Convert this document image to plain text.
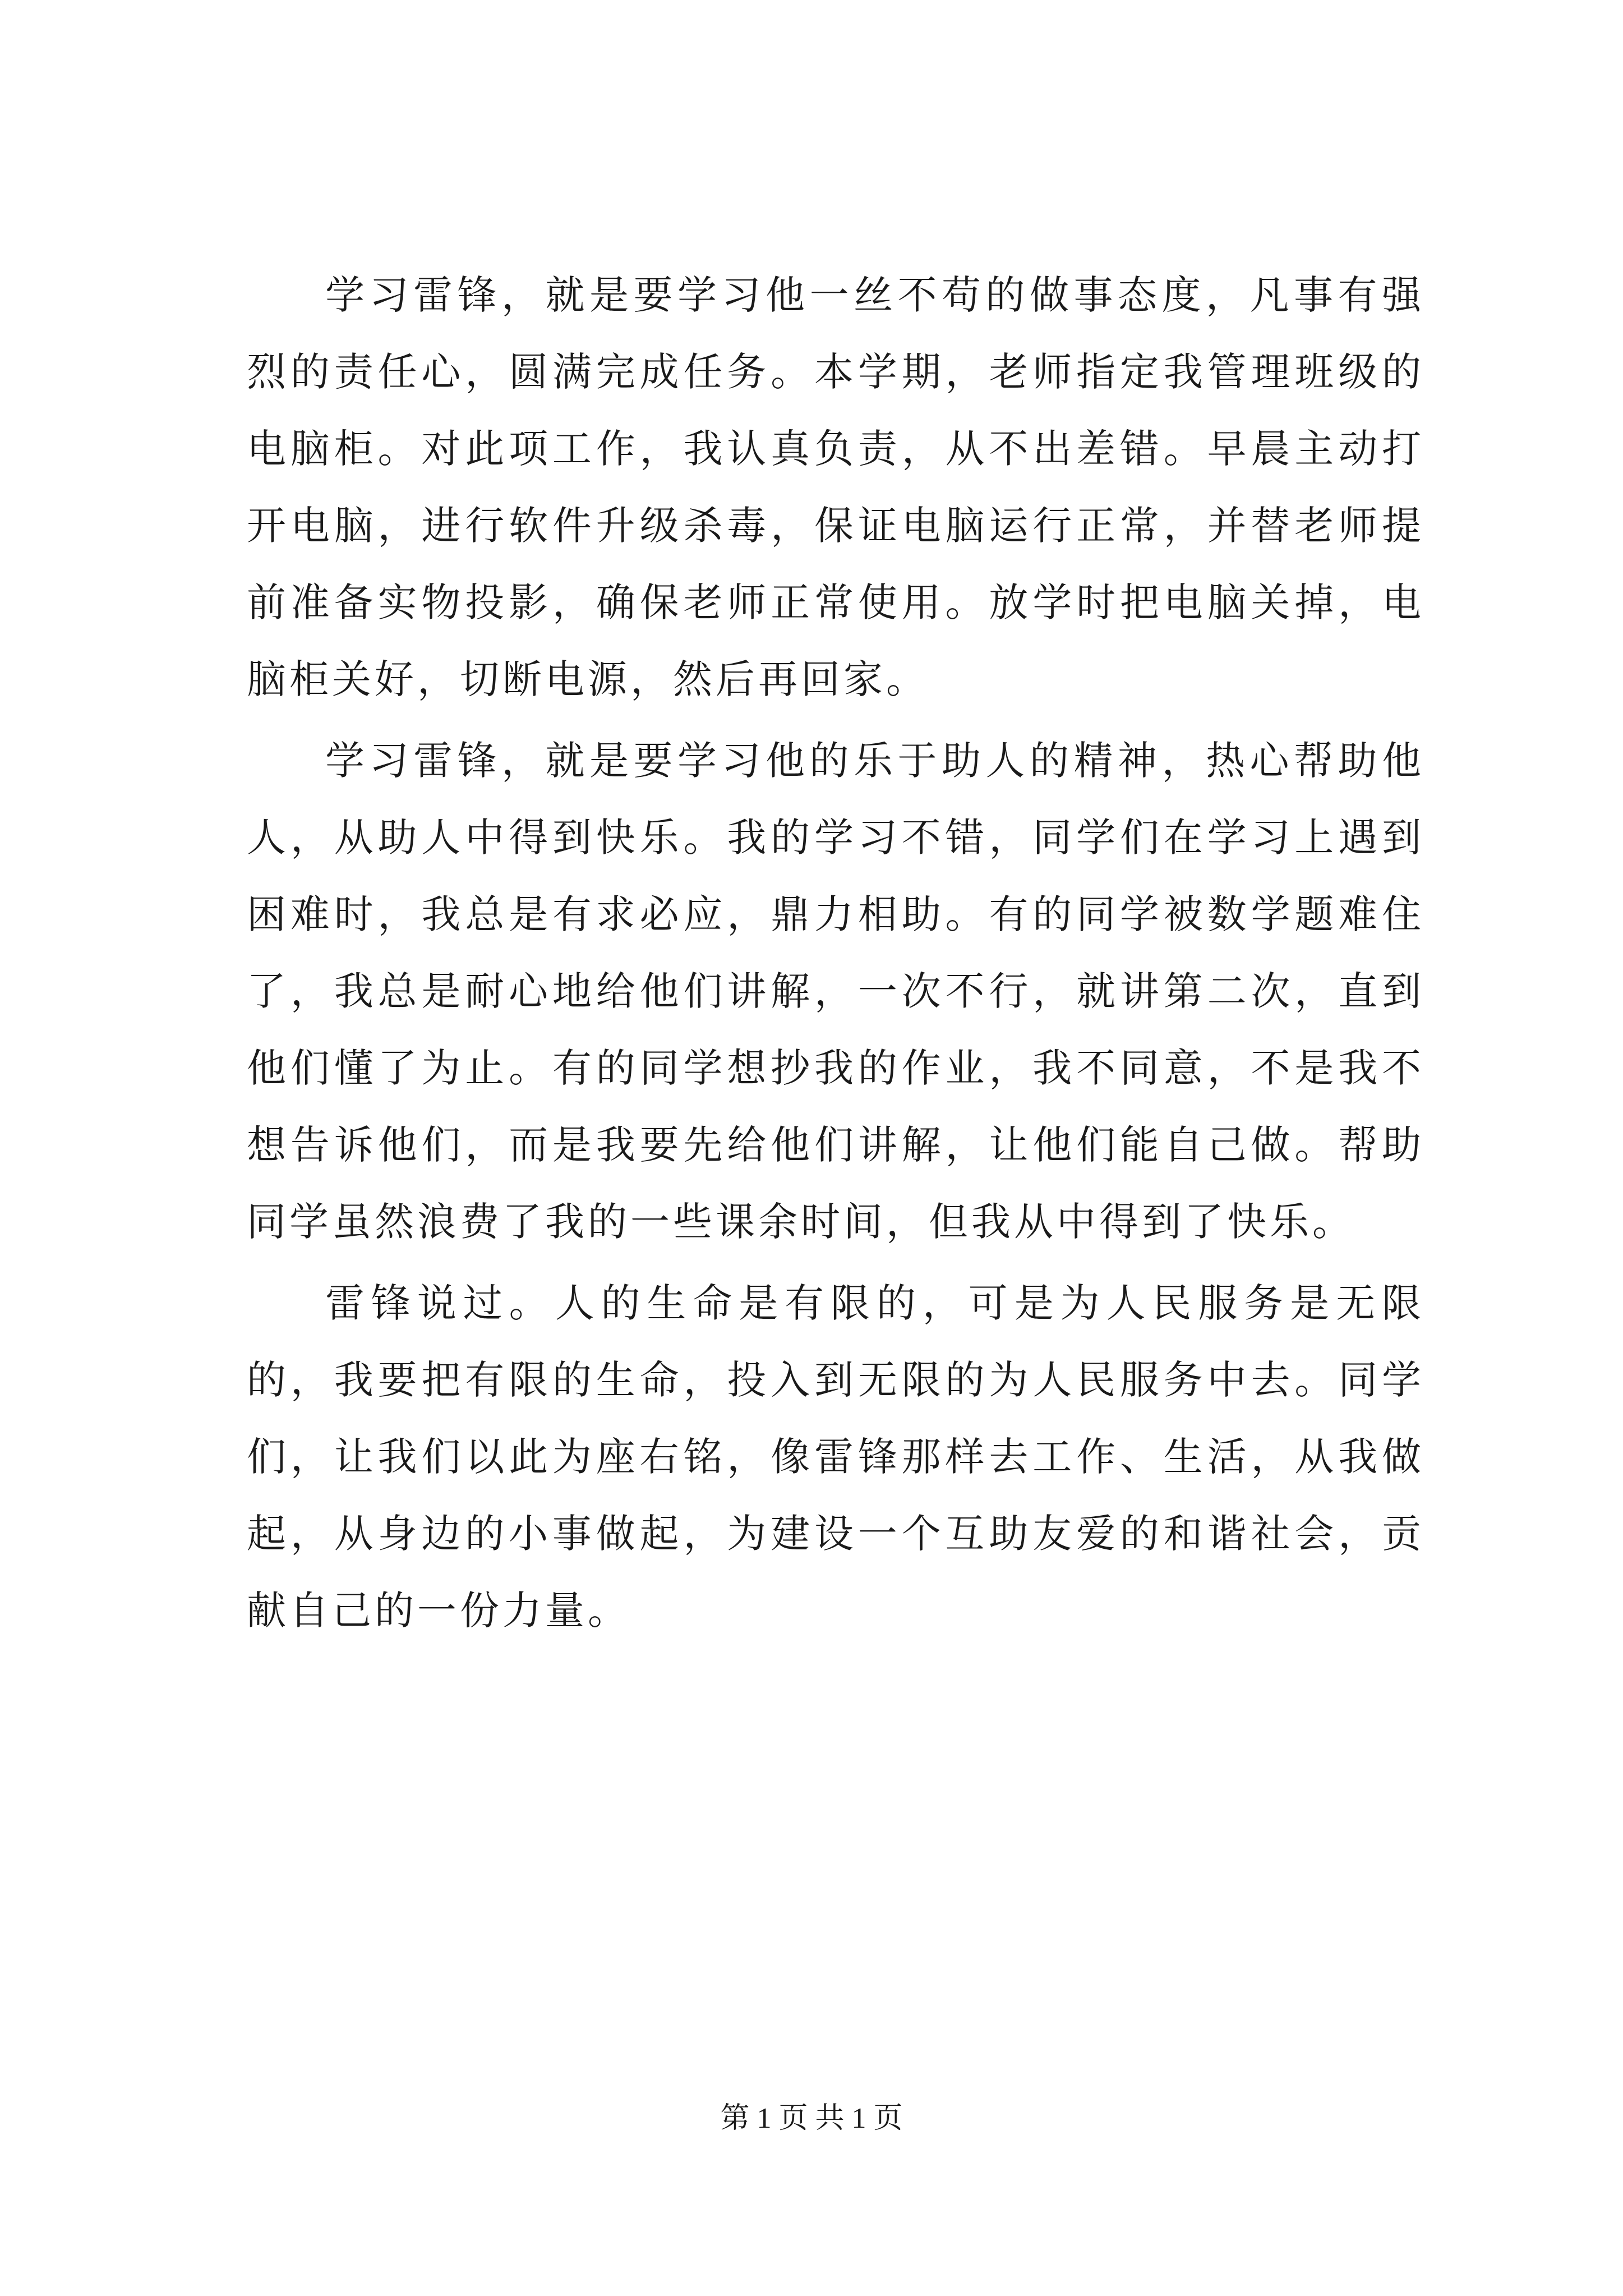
学习雷锋，就是要学习他一丝不苟的做事态度，凡事有强烈的责任心，圆满完成任务。本学期，老师指定我管理班级的电脑柜。对此项工作，我认真负责，从不出差错。早晨主动打开电脑，进行软件升级杀毒，保证电脑运行正常，并替老师提前准备实物投影，确保老师正常使用。放学时把电脑关掉，电脑柜关好，切断电源，然后再回家。

学习雷锋，就是要学习他的乐于助人的精神，热心帮助他人，从助人中得到快乐。我的学习不错，同学们在学习上遇到困难时，我总是有求必应，鼎力相助。有的同学被数学题难住了，我总是耐心地给他们讲解，一次不行，就讲第二次，直到他们懂了为止。有的同学想抄我的作业，我不同意，不是我不想告诉他们，而是我要先给他们讲解，让他们能自己做。帮助同学虽然浪费了我的一些课余时间，但我从中得到了快乐。

雷锋说过。人的生命是有限的，可是为人民服务是无限的，我要把有限的生命，投入到无限的为人民服务中去。同学们，让我们以此为座右铭，像雷锋那样去工作、生活，从我做起，从身边的小事做起，为建设一个互助友爱的和谐社会，贡献自己的一份力量。

第 1 页 共 1 页
